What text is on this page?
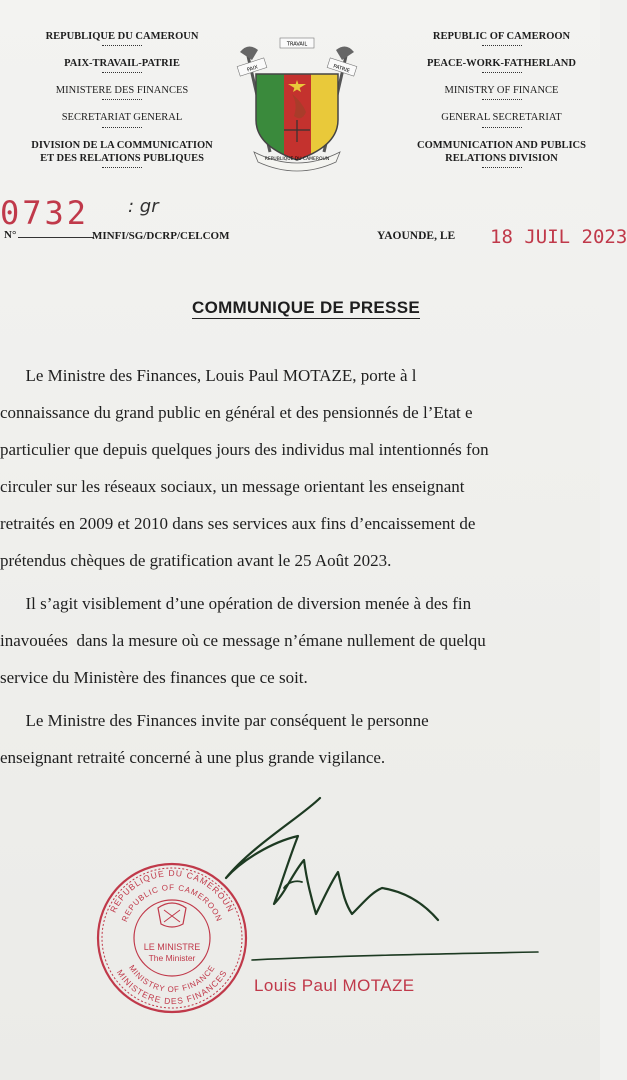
REPUBLIQUE DU CAMEROUN
PAIX-TRAVAIL-PATRIE
MINISTERE DES FINANCES
SECRETARIAT GENERAL
DIVISION DE LA COMMUNICATION
ET DES RELATIONS PUBLIQUES
PAIX
TRAVAIL
PATRIE
REPUBLIQUE DU CAMEROUN
REPUBLIC OF CAMEROON
PEACE-WORK-FATHERLAND
MINISTRY OF FINANCE
GENERAL SECRETARIAT
COMMUNICATION AND PUBLICS
RELATIONS DIVISION
0732 : gr
N°	MINFI/SG/DCRP/CELCOM	YAOUNDE, LE 18 JUIL 2023
COMMUNIQUE DE PRESSE
Le Ministre des Finances, Louis Paul MOTAZE, porte à l
connaissance du grand public en général et des pensionnés de l’Etat e
particulier que depuis quelques jours des individus mal intentionnés fon
circuler sur les réseaux sociaux, un message orientant les enseignant
retraités en 2009 et 2010 dans ses services aux fins d’encaissement de
prétendus chèques de gratification avant le 25 Août 2023.
Il s’agit visiblement d’une opération de diversion menée à des fin
inavouées  dans la mesure où ce message n’émane nullement de quelqu
service du Ministère des finances que ce soit.
Le Ministre des Finances invite par conséquent le personne
enseignant retraité concerné à une plus grande vigilance.
REPUBLIQUE DU CAMEROUN
REPUBLIC OF CAMEROON
MINISTERE DES FINANCES
MINISTRY OF FINANCE
LE MINISTRE
The Minister
Louis Paul MOTAZE
